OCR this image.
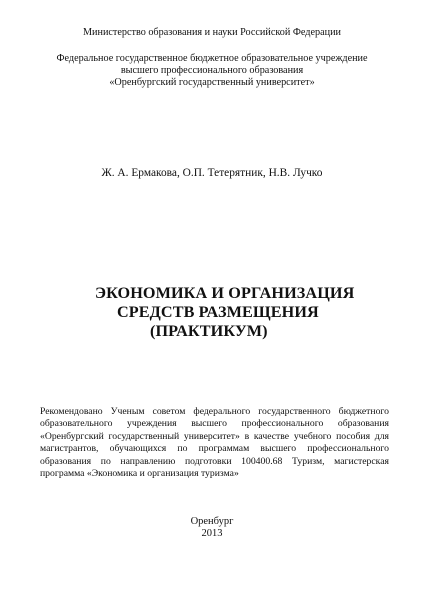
Министерство образования и науки Российской Федерации
Федеральное государственное бюджетное образовательное учреждение
высшего профессионального образования
«Оренбургский государственный университет»
Ж. А. Ермакова, О.П. Тетерятник, Н.В. Лучко
ЭКОНОМИКА И ОРГАНИЗАЦИЯ
СРЕДСТВ РАЗМЕЩЕНИЯ
(ПРАКТИКУМ)
Рекомендовано Ученым советом федерального государственного бюджетного
образовательного учреждения высшего профессионального образования
«Оренбургский государственный университет» в качестве учебного пособия для
магистрантов, обучающихся по программам высшего профессионального
образования по направлению подготовки 100400.68 Туризм, магистерская
программа «Экономика и организация туризма»
Оренбург
2013
